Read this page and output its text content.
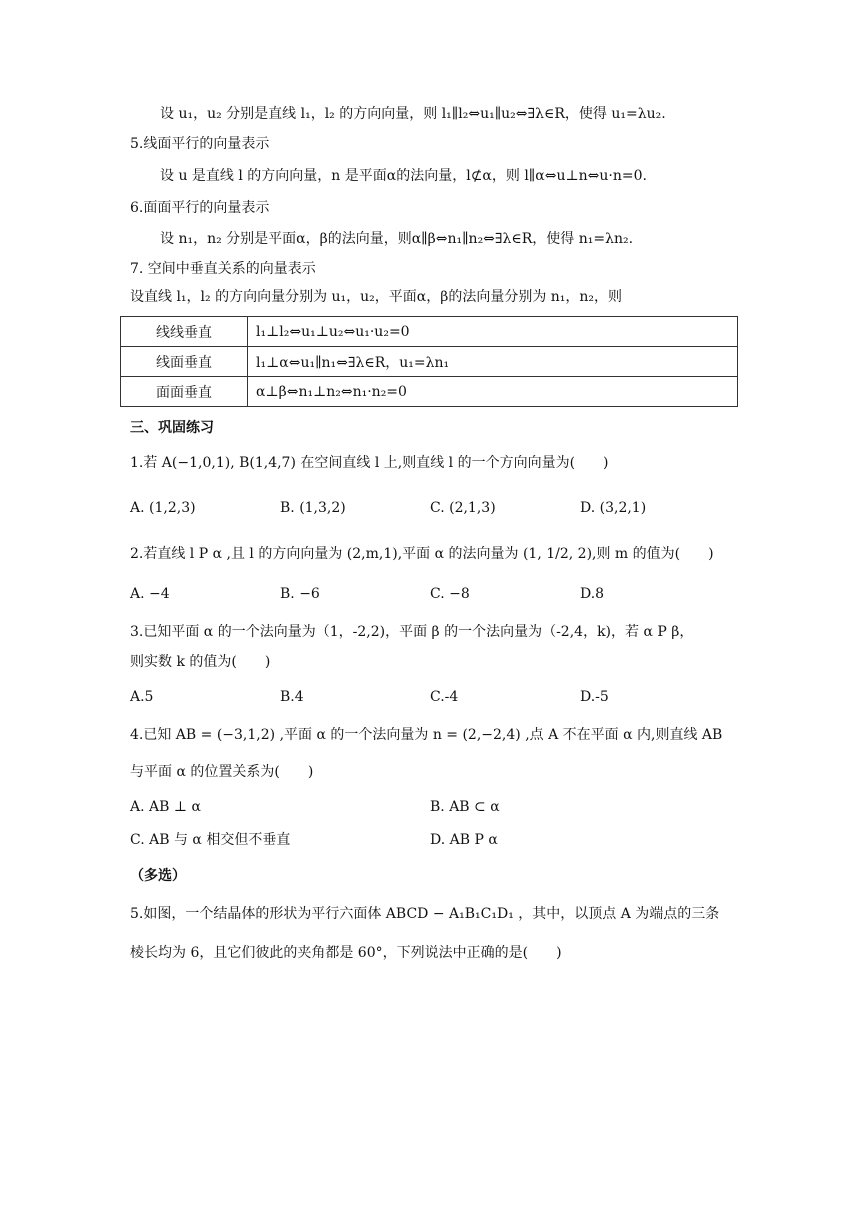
设 u₁，u₂ 分别是直线 l₁，l₂ 的方向向量，则 l₁∥l₂⇔u₁∥u₂⇔∃λ∈R，使得 u₁=λu₂.
5.线面平行的向量表示
设 u 是直线 l 的方向向量，n 是平面α的法向量，l⊄α，则 l∥α⇔u⊥n⇔u·n=0.
6.面面平行的向量表示
设 n₁，n₂ 分别是平面α，β的法向量，则α∥β⇔n₁∥n₂⇔∃λ∈R，使得 n₁=λn₂.
7. 空间中垂直关系的向量表示
设直线 l₁，l₂ 的方向向量分别为 u₁，u₂，平面α，β的法向量分别为 n₁，n₂，则
线线垂直	l₁⊥l₂⇔u₁⊥u₂⇔u₁·u₂=0
线面垂直	l₁⊥α⇔u₁∥n₁⇔∃λ∈R，u₁=λn₁
面面垂直	α⊥β⇔n₁⊥n₂⇔n₁·n₂=0
三、巩固练习
1.若 A(−1,0,1), B(1,4,7) 在空间直线 l 上,则直线 l 的一个方向向量为(　　)
A. (1,2,3)	B. (1,3,2)	C. (2,1,3)	D. (3,2,1)
2.若直线 l P α ,且 l 的方向向量为 (2,m,1),平面 α 的法向量为 (1, 1/2, 2),则 m 的值为(　　)
A. −4	B. −6	C. −8	D.8
3.已知平面 α 的一个法向量为（1，-2,2)，平面 β 的一个法向量为（-2,4，k)，若 α P β，
则实数 k 的值为(　　)
A.5	B.4	C.-4	D.-5
4.已知 AB = (−3,1,2) ,平面 α 的一个法向量为 n = (2,−2,4) ,点 A 不在平面 α 内,则直线 AB
与平面 α 的位置关系为(　　)
A. AB ⊥ α	B. AB ⊂ α
C. AB 与 α 相交但不垂直	D. AB P α
（多选）
5.如图，一个结晶体的形状为平行六面体 ABCD − A₁B₁C₁D₁ ，其中，以顶点 A 为端点的三条
棱长均为 6，且它们彼此的夹角都是 60°，下列说法中正确的是(　　)
